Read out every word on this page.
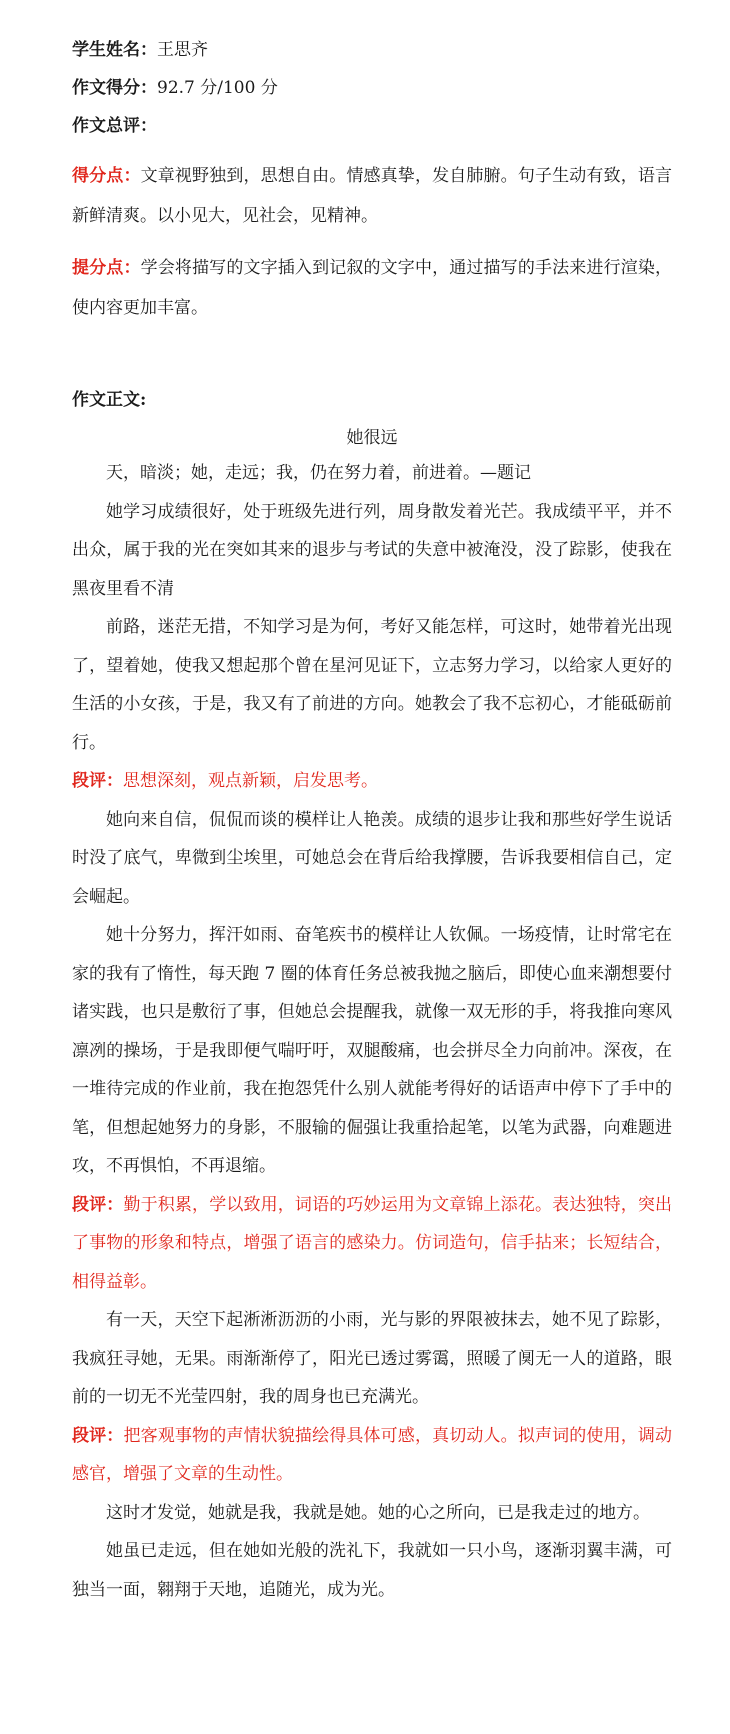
学生姓名：王思齐

作文得分：92.7 分/100 分

作文总评：

得分点：文章视野独到，思想自由。情感真挚，发自肺腑。句子生动有致，语言新鲜清爽。以小见大，见社会，见精神。

提分点：学会将描写的文字插入到记叙的文字中，通过描写的手法来进行渲染，使内容更加丰富。

作文正文:

她很远

天，暗淡；她，走远；我，仍在努力着，前进着。—题记

她学习成绩很好，处于班级先进行列，周身散发着光芒。我成绩平平，并不出众，属于我的光在突如其来的退步与考试的失意中被淹没，没了踪影，使我在黑夜里看不清

前路，迷茫无措，不知学习是为何，考好又能怎样，可这时，她带着光出现了，望着她，使我又想起那个曾在星河见证下，立志努力学习，以给家人更好的生活的小女孩，于是，我又有了前进的方向。她教会了我不忘初心，才能砥砺前行。

段评：思想深刻，观点新颖，启发思考。

她向来自信，侃侃而谈的模样让人艳羡。成绩的退步让我和那些好学生说话时没了底气，卑微到尘埃里，可她总会在背后给我撑腰，告诉我要相信自己，定会崛起。

她十分努力，挥汗如雨、奋笔疾书的模样让人钦佩。一场疫情，让时常宅在家的我有了惰性，每天跑 7 圈的体育任务总被我抛之脑后，即使心血来潮想要付诸实践，也只是敷衍了事，但她总会提醒我，就像一双无形的手，将我推向寒风凛冽的操场，于是我即便气喘吁吁，双腿酸痛，也会拼尽全力向前冲。深夜，在一堆待完成的作业前，我在抱怨凭什么别人就能考得好的话语声中停下了手中的笔，但想起她努力的身影，不服输的倔强让我重拾起笔，以笔为武器，向难题进攻，不再惧怕，不再退缩。

段评：勤于积累，学以致用，词语的巧妙运用为文章锦上添花。表达独特，突出了事物的形象和特点，增强了语言的感染力。仿词造句，信手拈来；长短结合，相得益彰。

有一天，天空下起淅淅沥沥的小雨，光与影的界限被抹去，她不见了踪影，我疯狂寻她，无果。雨渐渐停了，阳光已透过雾霭，照暖了阒无一人的道路，眼前的一切无不光莹四射，我的周身也已充满光。

段评：把客观事物的声情状貌描绘得具体可感，真切动人。拟声词的使用，调动感官，增强了文章的生动性。

这时才发觉，她就是我，我就是她。她的心之所向，已是我走过的地方。

她虽已走远，但在她如光般的洗礼下，我就如一只小鸟，逐渐羽翼丰满，可独当一面，翱翔于天地，追随光，成为光。
